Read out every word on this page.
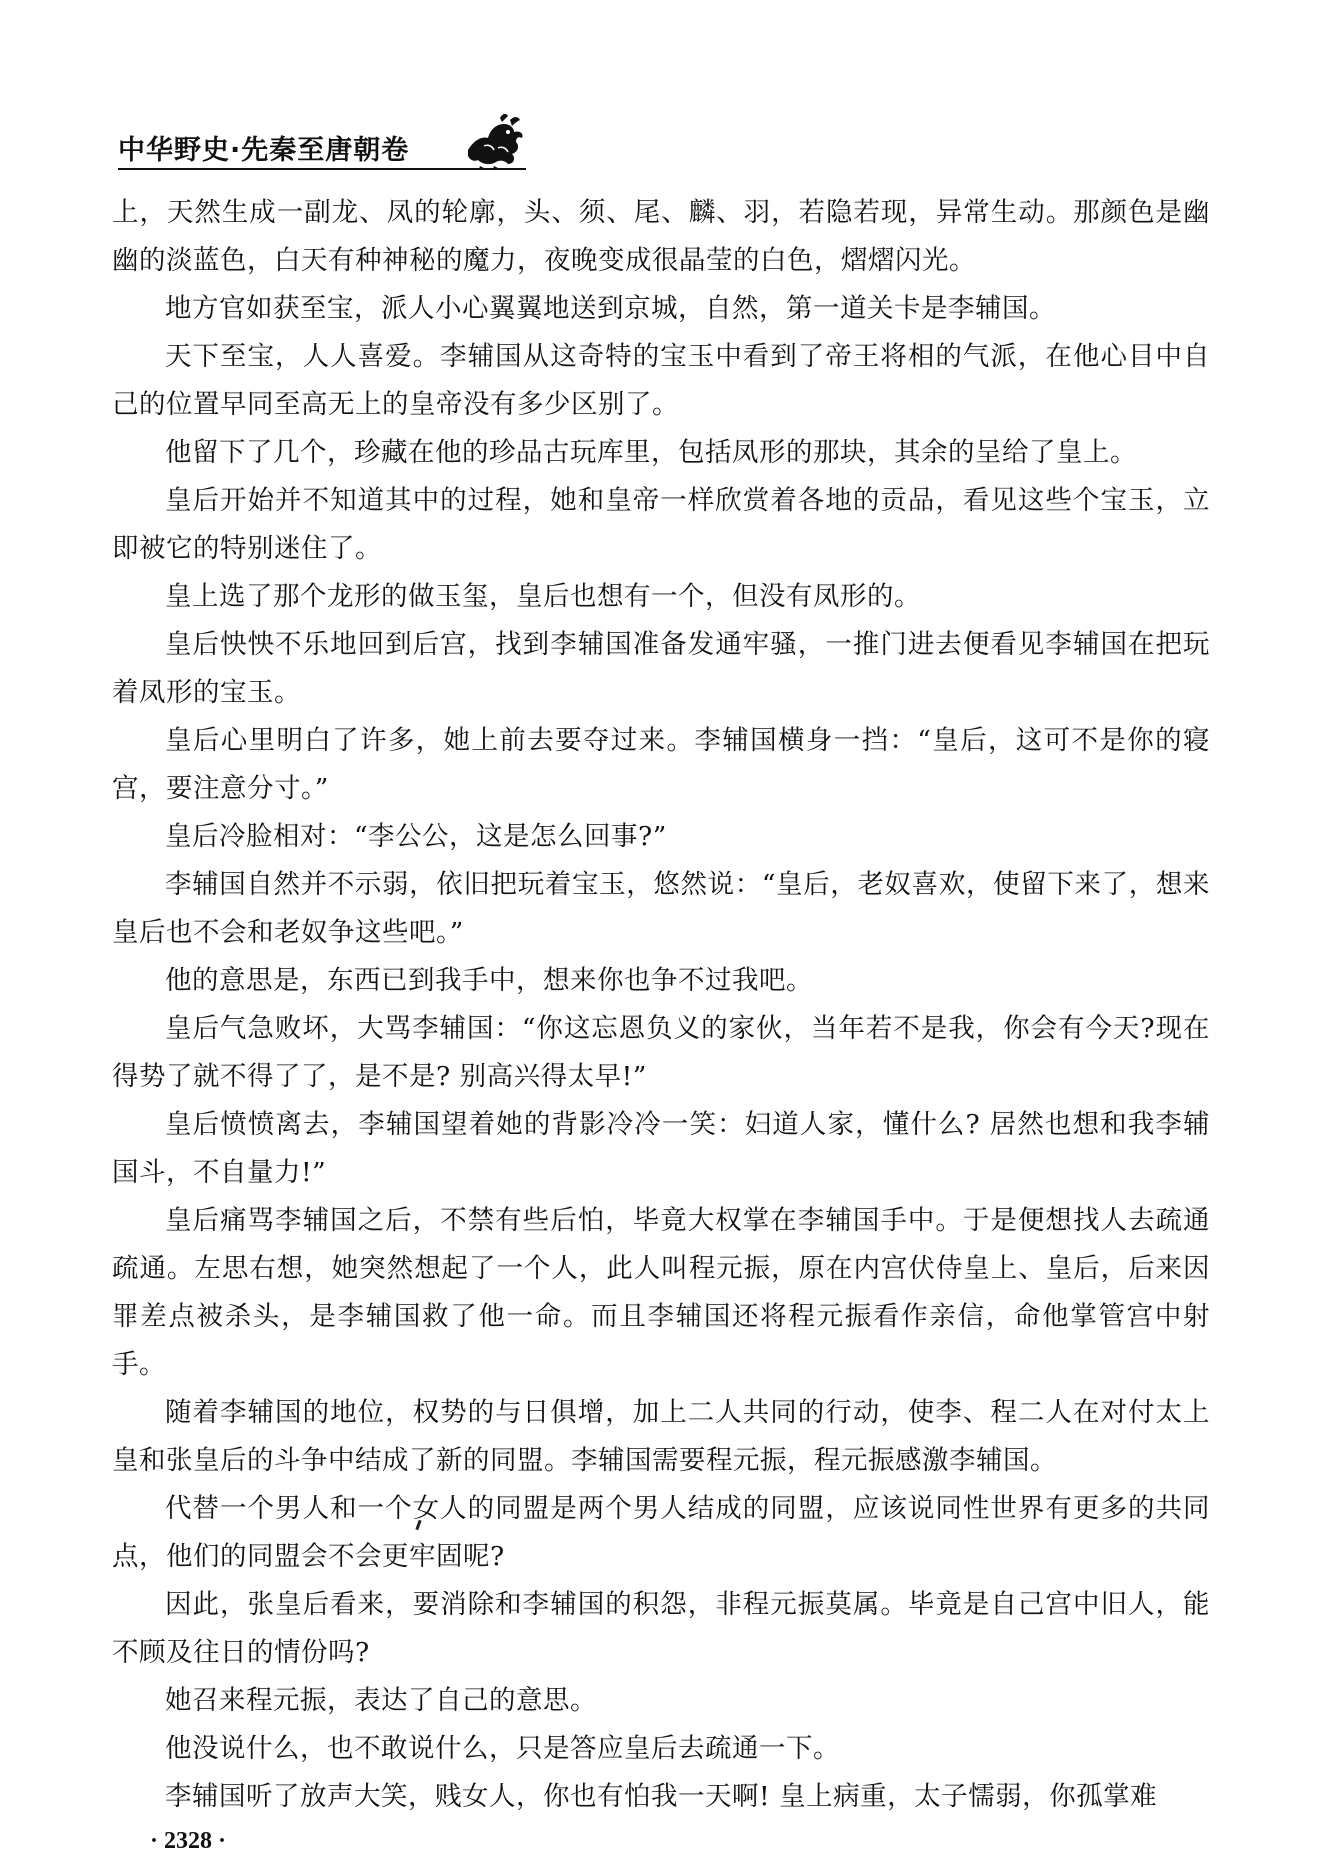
中华野史·先秦至唐朝卷

上，天然生成一副龙、凤的轮廓，头、须、尾、麟、羽，若隐若现，异常生动。那颜色是幽幽的淡蓝色，白天有种神秘的魔力，夜晚变成很晶莹的白色，熠熠闪光。

地方官如获至宝，派人小心翼翼地送到京城，自然，第一道关卡是李辅国。

天下至宝，人人喜爱。李辅国从这奇特的宝玉中看到了帝王将相的气派，在他心目中自己的位置早同至高无上的皇帝没有多少区别了。

他留下了几个，珍藏在他的珍品古玩库里，包括凤形的那块，其余的呈给了皇上。

皇后开始并不知道其中的过程，她和皇帝一样欣赏着各地的贡品，看见这些个宝玉，立即被它的特别迷住了。

皇上选了那个龙形的做玉玺，皇后也想有一个，但没有凤形的。

皇后怏怏不乐地回到后宫，找到李辅国准备发通牢骚，一推门进去便看见李辅国在把玩着凤形的宝玉。

皇后心里明白了许多，她上前去要夺过来。李辅国横身一挡：“皇后，这可不是你的寝宫，要注意分寸。”

皇后冷脸相对：“李公公，这是怎么回事?”

李辅国自然并不示弱，依旧把玩着宝玉，悠然说：“皇后，老奴喜欢，使留下来了，想来皇后也不会和老奴争这些吧。”

他的意思是，东西已到我手中，想来你也争不过我吧。

皇后气急败坏，大骂李辅国：“你这忘恩负义的家伙，当年若不是我，你会有今天?现在得势了就不得了了，是不是? 别高兴得太早!”

皇后愤愤离去，李辅国望着她的背影冷冷一笑：妇道人家，懂什么? 居然也想和我李辅国斗，不自量力!”

皇后痛骂李辅国之后，不禁有些后怕，毕竟大权掌在李辅国手中。于是便想找人去疏通疏通。左思右想，她突然想起了一个人，此人叫程元振，原在内宫伏侍皇上、皇后，后来因罪差点被杀头，是李辅国救了他一命。而且李辅国还将程元振看作亲信，命他掌管宫中射手。

随着李辅国的地位，权势的与日俱增，加上二人共同的行动，使李、程二人在对付太上皇和张皇后的斗争中结成了新的同盟。李辅国需要程元振，程元振感激李辅国。

代替一个男人和一个女人的同盟是两个男人结成的同盟，应该说同性世界有更多的共同点，他们的同盟会不会更牢固呢?

因此，张皇后看来，要消除和李辅国的积怨，非程元振莫属。毕竟是自己宫中旧人，能不顾及往日的情份吗?

她召来程元振，表达了自己的意思。

他没说什么，也不敢说什么，只是答应皇后去疏通一下。

李辅国听了放声大笑，贱女人，你也有怕我一天啊! 皇上病重，太子懦弱，你孤掌难

· 2328 ·
